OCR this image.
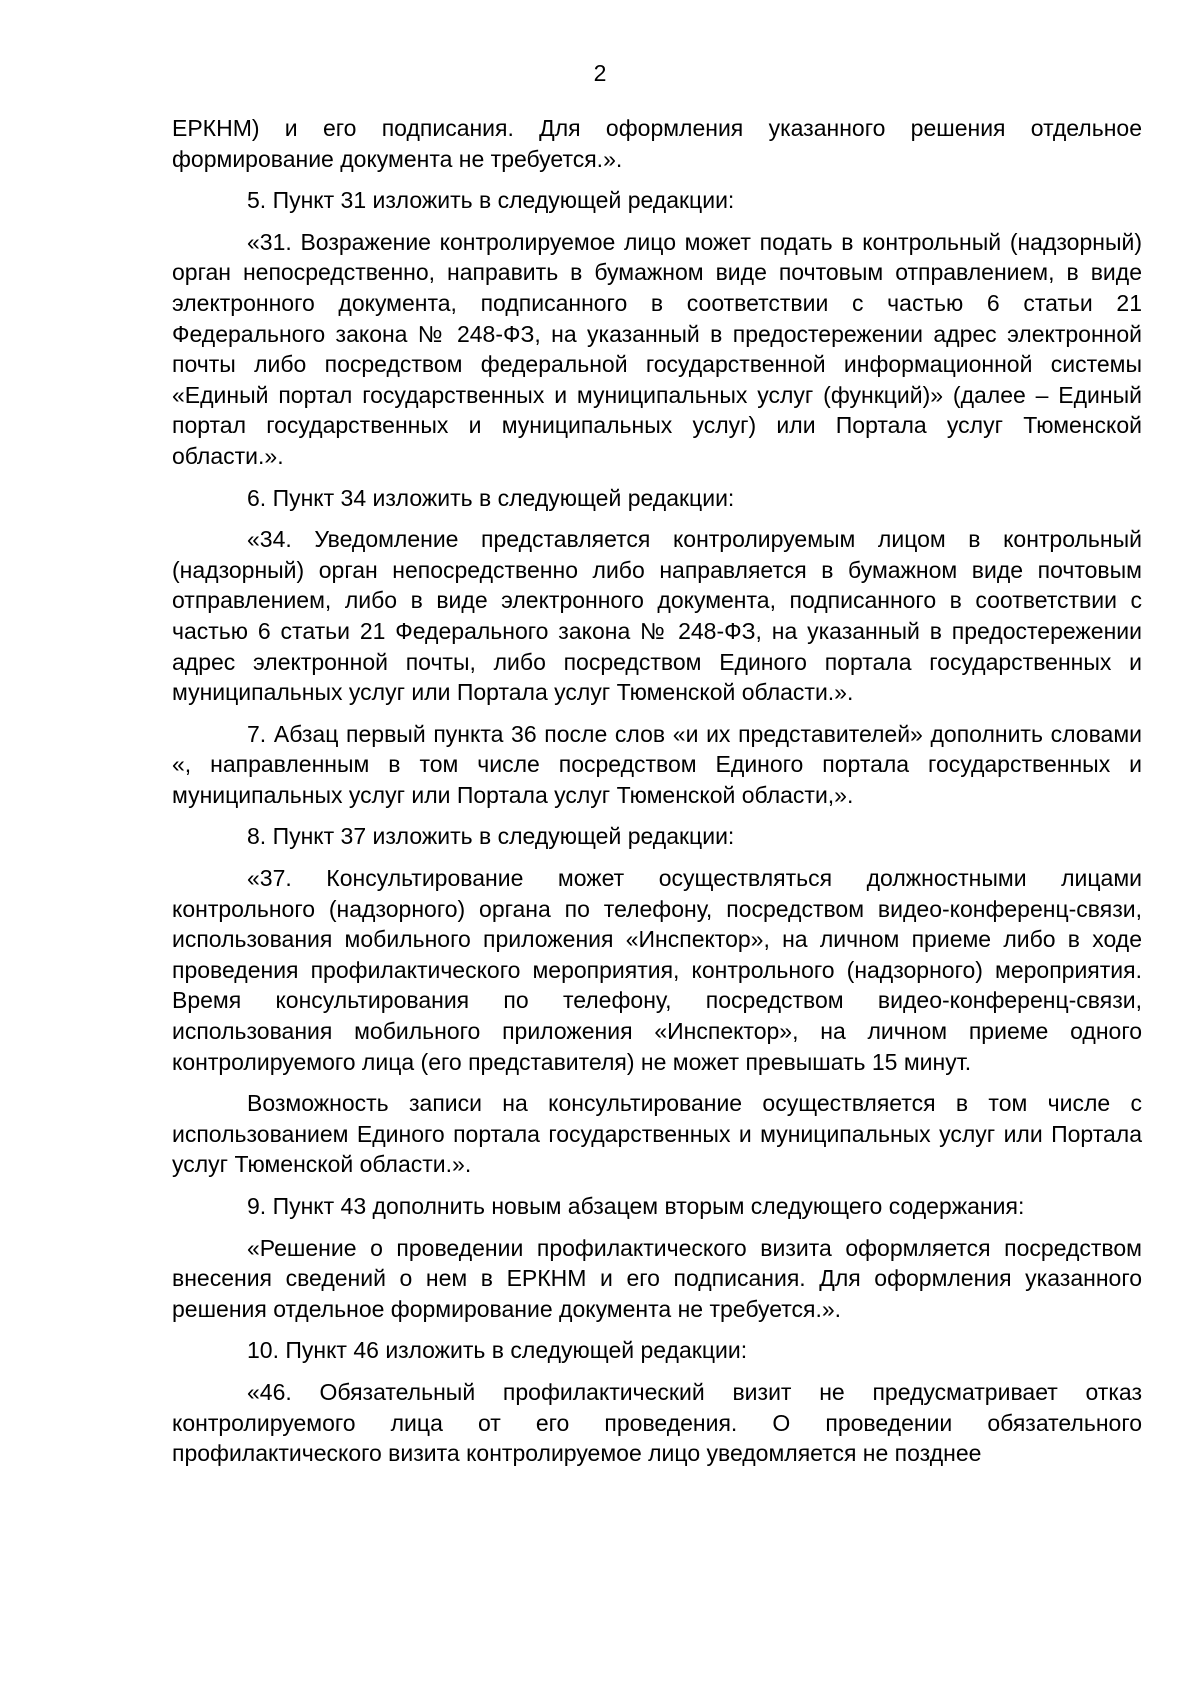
2

ЕРКНМ) и его подписания. Для оформления указанного решения отдельное формирование документа не требуется.».

5. Пункт 31 изложить в следующей редакции:

«31. Возражение контролируемое лицо может подать в контрольный (надзорный) орган непосредственно, направить в бумажном виде почтовым отправлением, в виде электронного документа, подписанного в соответствии с частью 6 статьи 21 Федерального закона № 248-ФЗ, на указанный в предостережении адрес электронной почты либо посредством федеральной государственной информационной системы «Единый портал государственных и муниципальных услуг (функций)» (далее – Единый портал государственных и муниципальных услуг) или Портала услуг Тюменской области.».

6. Пункт 34 изложить в следующей редакции:

«34. Уведомление представляется контролируемым лицом в контрольный (надзорный) орган непосредственно либо направляется в бумажном виде почтовым отправлением, либо в виде электронного документа, подписанного в соответствии с частью 6 статьи 21 Федерального закона № 248-ФЗ, на указанный в предостережении адрес электронной почты, либо посредством Единого портала государственных и муниципальных услуг или Портала услуг Тюменской области.».

7. Абзац первый пункта 36 после слов «и их представителей» дополнить словами «, направленным в том числе посредством Единого портала государственных и муниципальных услуг или Портала услуг Тюменской области,».

8. Пункт 37 изложить в следующей редакции:

«37. Консультирование может осуществляться должностными лицами контрольного (надзорного) органа по телефону, посредством видео-конференц-связи, использования мобильного приложения «Инспектор», на личном приеме либо в ходе проведения профилактического мероприятия, контрольного (надзорного) мероприятия. Время консультирования по телефону, посредством видео-конференц-связи, использования мобильного приложения «Инспектор», на личном приеме одного контролируемого лица (его представителя) не может превышать 15 минут.

Возможность записи на консультирование осуществляется в том числе с использованием Единого портала государственных и муниципальных услуг или Портала услуг Тюменской области.».

9. Пункт 43 дополнить новым абзацем вторым следующего содержания:

«Решение о проведении профилактического визита оформляется посредством внесения сведений о нем в ЕРКНМ и его подписания. Для оформления указанного решения отдельное формирование документа не требуется.».

10. Пункт 46 изложить в следующей редакции:

«46. Обязательный профилактический визит не предусматривает отказ контролируемого лица от его проведения. О проведении обязательного профилактического визита контролируемое лицо уведомляется не позднее
